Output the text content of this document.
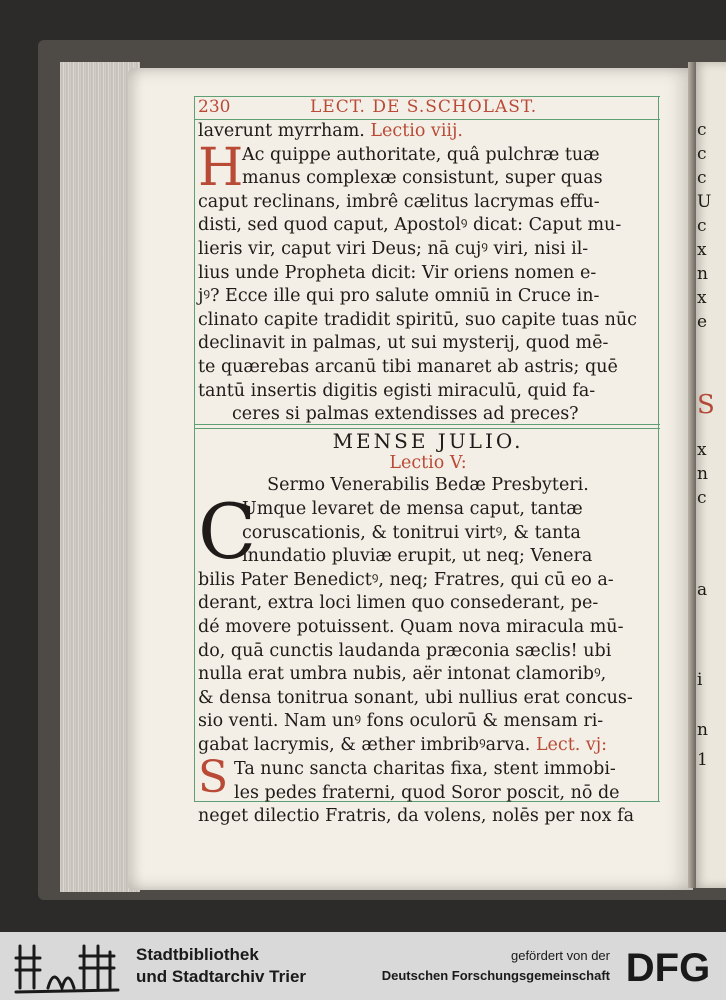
c
c
c
U
c
x
n
x
e
S
x
n
c
a
i
n
1
230	LECT. DE S.SCHOLAST.
laverunt myrrham. Lectio viij.
H
Ac quippe authoritate, quâ pulchræ tuæ
manus complexæ consistunt, super quas
caput reclinans, imbrê cælitus lacrymas effu-
disti, sed quod caput, Apostolꝰ dicat: Caput mu-
lieris vir, caput viri Deus; nā cujꝰ viri, nisi il-
lius unde Propheta dicit: Vir oriens nomen e-
jꝰ? Ecce ille qui pro salute omniū in Cruce in-
clinato capite tradidit spiritū, suo capite tuas nūc
declinavit in palmas, ut sui mysterij, quod mē-
te quærebas arcanū tibi manaret ab astris; quē
tantū insertis digitis egisti miraculū, quid fa-
ceres si palmas extendisses ad preces?
MENSE JULIO.
Lectio V:
Sermo Venerabilis Bedæ Presbyteri.
C
Umque levaret de mensa caput, tantæ
coruscationis, & tonitrui virtꝰ, & tanta
inundatio pluviæ erupit, ut neq; Venera
bilis Pater Benedictꝰ, neq; Fratres, qui cū eo a-
derant, extra loci limen quo consederant, pe-
dé movere potuissent. Quam nova miracula mū-
do, quā cunctis laudanda præconia sæclis! ubi
nulla erat umbra nubis, aër intonat clamoribꝰ,
& densa tonitrua sonant, ubi nullius erat concus-
sio venti. Nam unꝰ fons oculorū & mensam ri-
gabat lacrymis, & æther imbribꝰarva. Lect. vj:
S Ta nunc sancta charitas fixa, stent immobi-
les pedes fraterni, quod Soror poscit, nō de
neget dilectio Fratris, da volens, nolēs per nox fa
Stadtbibliothek
und Stadtarchiv Trier
gefördert von der
Deutschen Forschungsgemeinschaft DFG
